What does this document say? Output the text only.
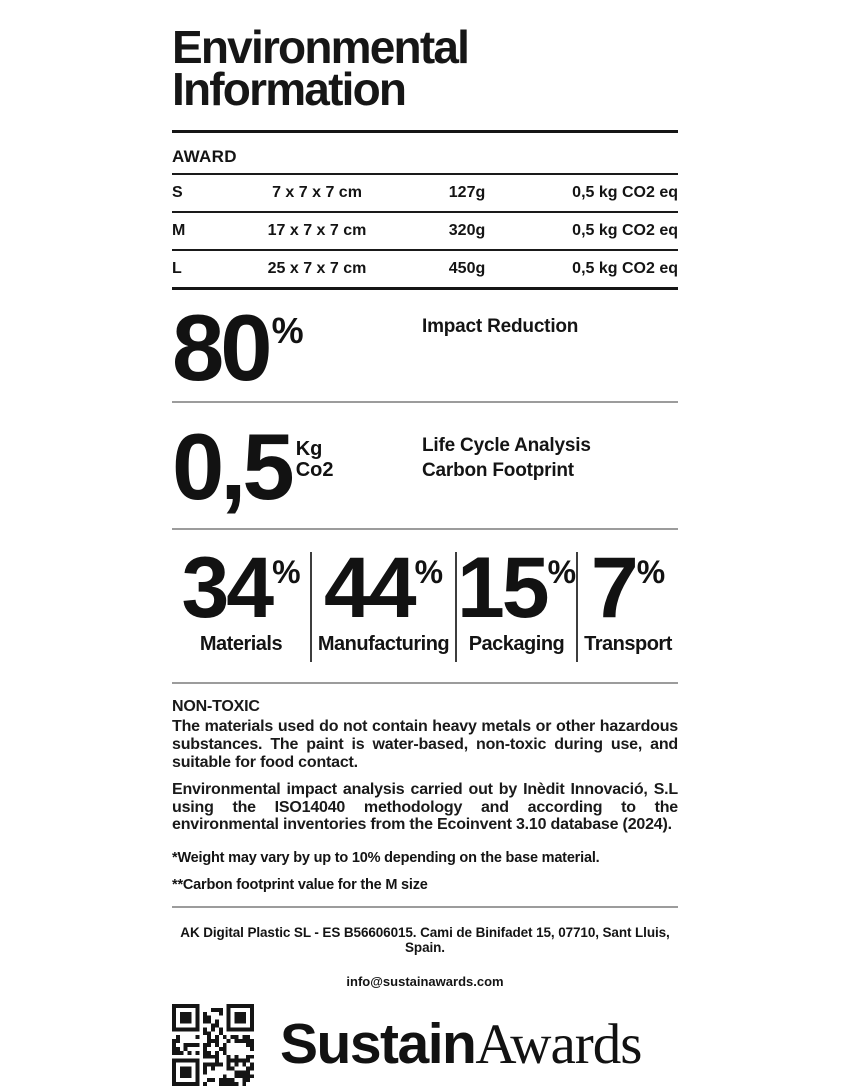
Environmental
Information
AWARD
S	7 x 7 x 7 cm	127g	0,5 kg CO2 eq
M	17 x 7 x 7 cm	320g	0,5 kg CO2 eq
L	25 x 7 x 7 cm	450g	0,5 kg CO2 eq
80 %	Impact Reduction
0,5 Kg
Co2
Life Cycle Analysis
Carbon Footprint
34 %
Materials
44 %
Manufacturing
15 %
Packaging
7 %
Transport
NON-TOXIC
The materials used do not contain heavy metals or other hazardous substances. The paint is water-based, non-toxic during use, and suitable for food contact.
Environmental impact analysis carried out by Inèdit Innovació, S.L using the ISO14040 methodology and according to the environmental inventories from the Ecoinvent 3.10 database (2024).
*Weight may vary by up to 10% depending on the base material.
**Carbon footprint value for the M size
AK Digital Plastic SL - ES B56606015. Cami de Binifadet 15, 07710, Sant Lluis, Spain.
info@sustainawards.com
SustainAwards
